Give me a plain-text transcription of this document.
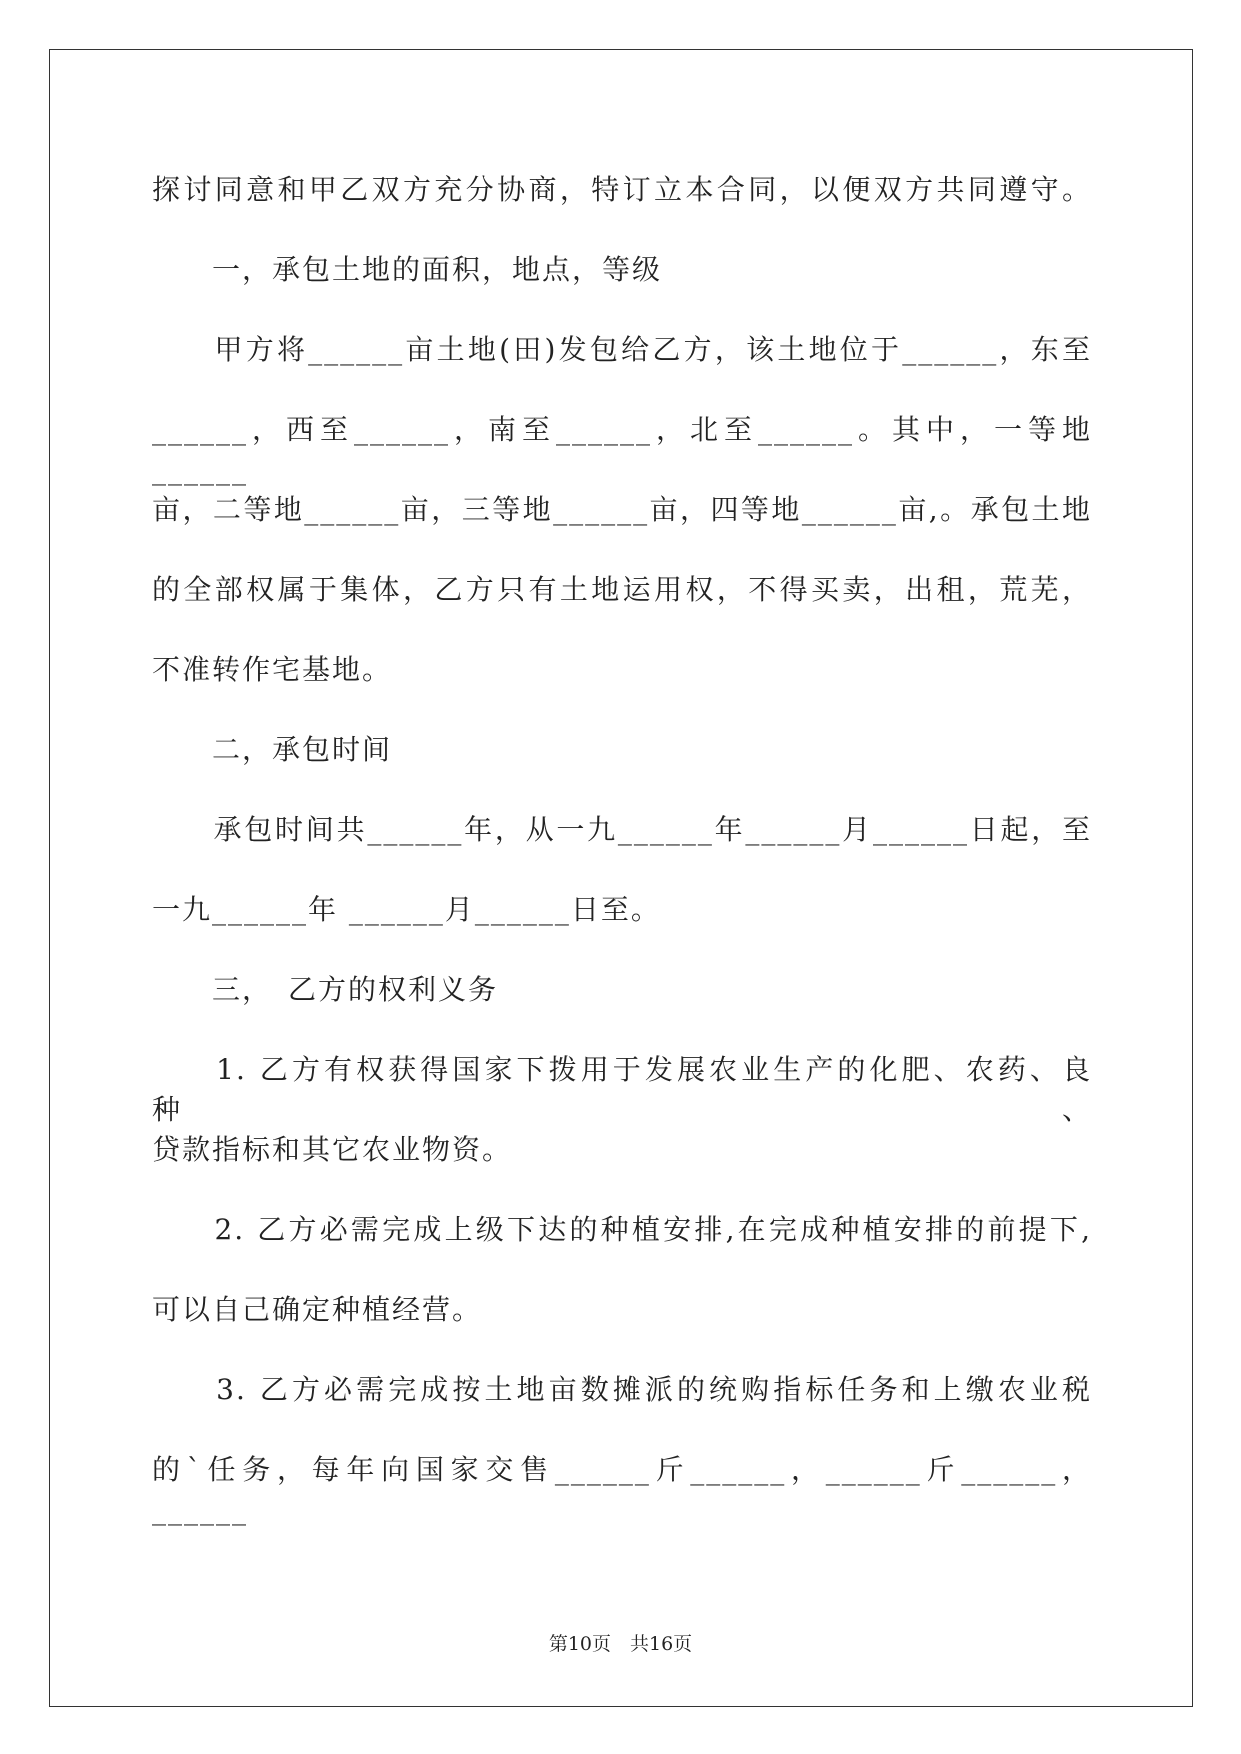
探讨同意和甲乙双方充分协商，特订立本合同，以便双方共同遵守。
　　一，承包土地的面积，地点，等级
　　甲方将______亩土地(田)发包给乙方，该土地位于______，东至
______，西至______，南至______，北至______。其中，一等地______
亩，二等地______亩，三等地______亩，四等地______亩,。承包土地
的全部权属于集体，乙方只有土地运用权，不得买卖，出租，荒芜，
不准转作宅基地。
　　二，承包时间
　　承包时间共______年，从一九______年______月______日起，至
一九______年 ______月______日至。
　　三，　乙方的权利义务
　　1. 乙方有权获得国家下拨用于发展农业生产的化肥、农药、良种、
贷款指标和其它农业物资。
　　2. 乙方必需完成上级下达的种植安排,在完成种植安排的前提下,
可以自己确定种植经营。
　　3. 乙方必需完成按土地亩数摊派的统购指标任务和上缴农业税
的`任务，每年向国家交售______斤______，______斤______，______
第10页　共16页
